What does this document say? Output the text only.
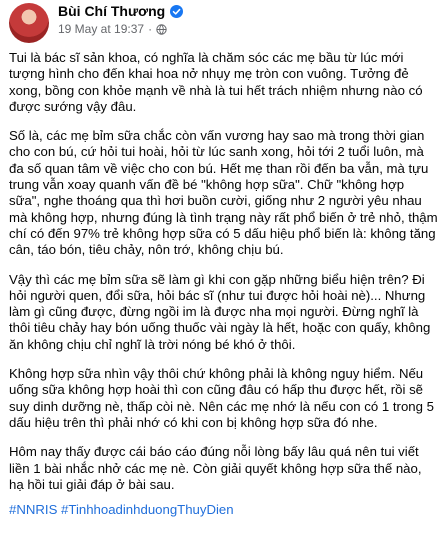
Bùi Chí Thương
19 May at 19:37 ·

Tui là bác sĩ sản khoa, có nghĩa là chăm sóc các mẹ bầu từ lúc mới tượng hình cho đến khai hoa nở nhụy mẹ tròn con vuông. Tưởng đẻ xong, bồng con khỏe mạnh về nhà là tui hết trách nhiệm nhưng nào có được sướng vậy đâu.

Số là, các mẹ bỉm sữa chắc còn vấn vương hay sao mà trong thời gian cho con bú, cứ hỏi tui hoài, hỏi từ lúc sanh xong, hỏi tới 2 tuổi luôn, mà đa số quan tâm về việc cho con bú. Hết mẹ than rồi đến ba vẫn, mà tựu trung vẫn xoay quanh vấn đề bé "không hợp sữa". Chữ "không hợp sữa", nghe thoáng qua thì hơi buồn cười, giống như 2 người yêu nhau mà không hợp, nhưng đúng là tình trạng này rất phổ biến ở trẻ nhỏ, thậm chí có đến 97% trẻ không hợp sữa có 5 dấu hiệu phổ biến là: không tăng cân, táo bón, tiêu chảy, nôn trớ, không chịu bú.

Vậy thì các mẹ bỉm sữa sẽ làm gì khi con gặp những biểu hiện trên? Đi hỏi người quen, đổi sữa, hỏi bác sĩ (như tui được hỏi hoài nè)... Nhưng làm gì cũng được, đừng ngồi im là được nha mọi người. Đừng nghĩ là thôi tiêu chảy hay bón uống thuốc vài ngày là hết, hoặc con quấy, không ăn không chịu chỉ nghĩ là trời nóng bé khó ở thôi.

Không hợp sữa nhìn vậy thôi chứ không phải là không nguy hiểm. Nếu uống sữa không hợp hoài thì con cũng đâu có hấp thu được hết, rồi sẽ suy dinh dưỡng nè, thấp còi nè. Nên các mẹ nhớ là nếu con có 1 trong 5 dấu hiệu trên thì phải nhớ có khi con bị không hợp sữa đó nhe.

Hôm nay thấy được cái báo cáo đúng nỗi lòng bấy lâu quá nên tui viết liền 1 bài nhắc nhở các mẹ nè. Còn giải quyết không hợp sữa thế nào, hạ hồi tui giải đáp ở bài sau.

#NNRIS #TinhhoadinhduongThuyDien
